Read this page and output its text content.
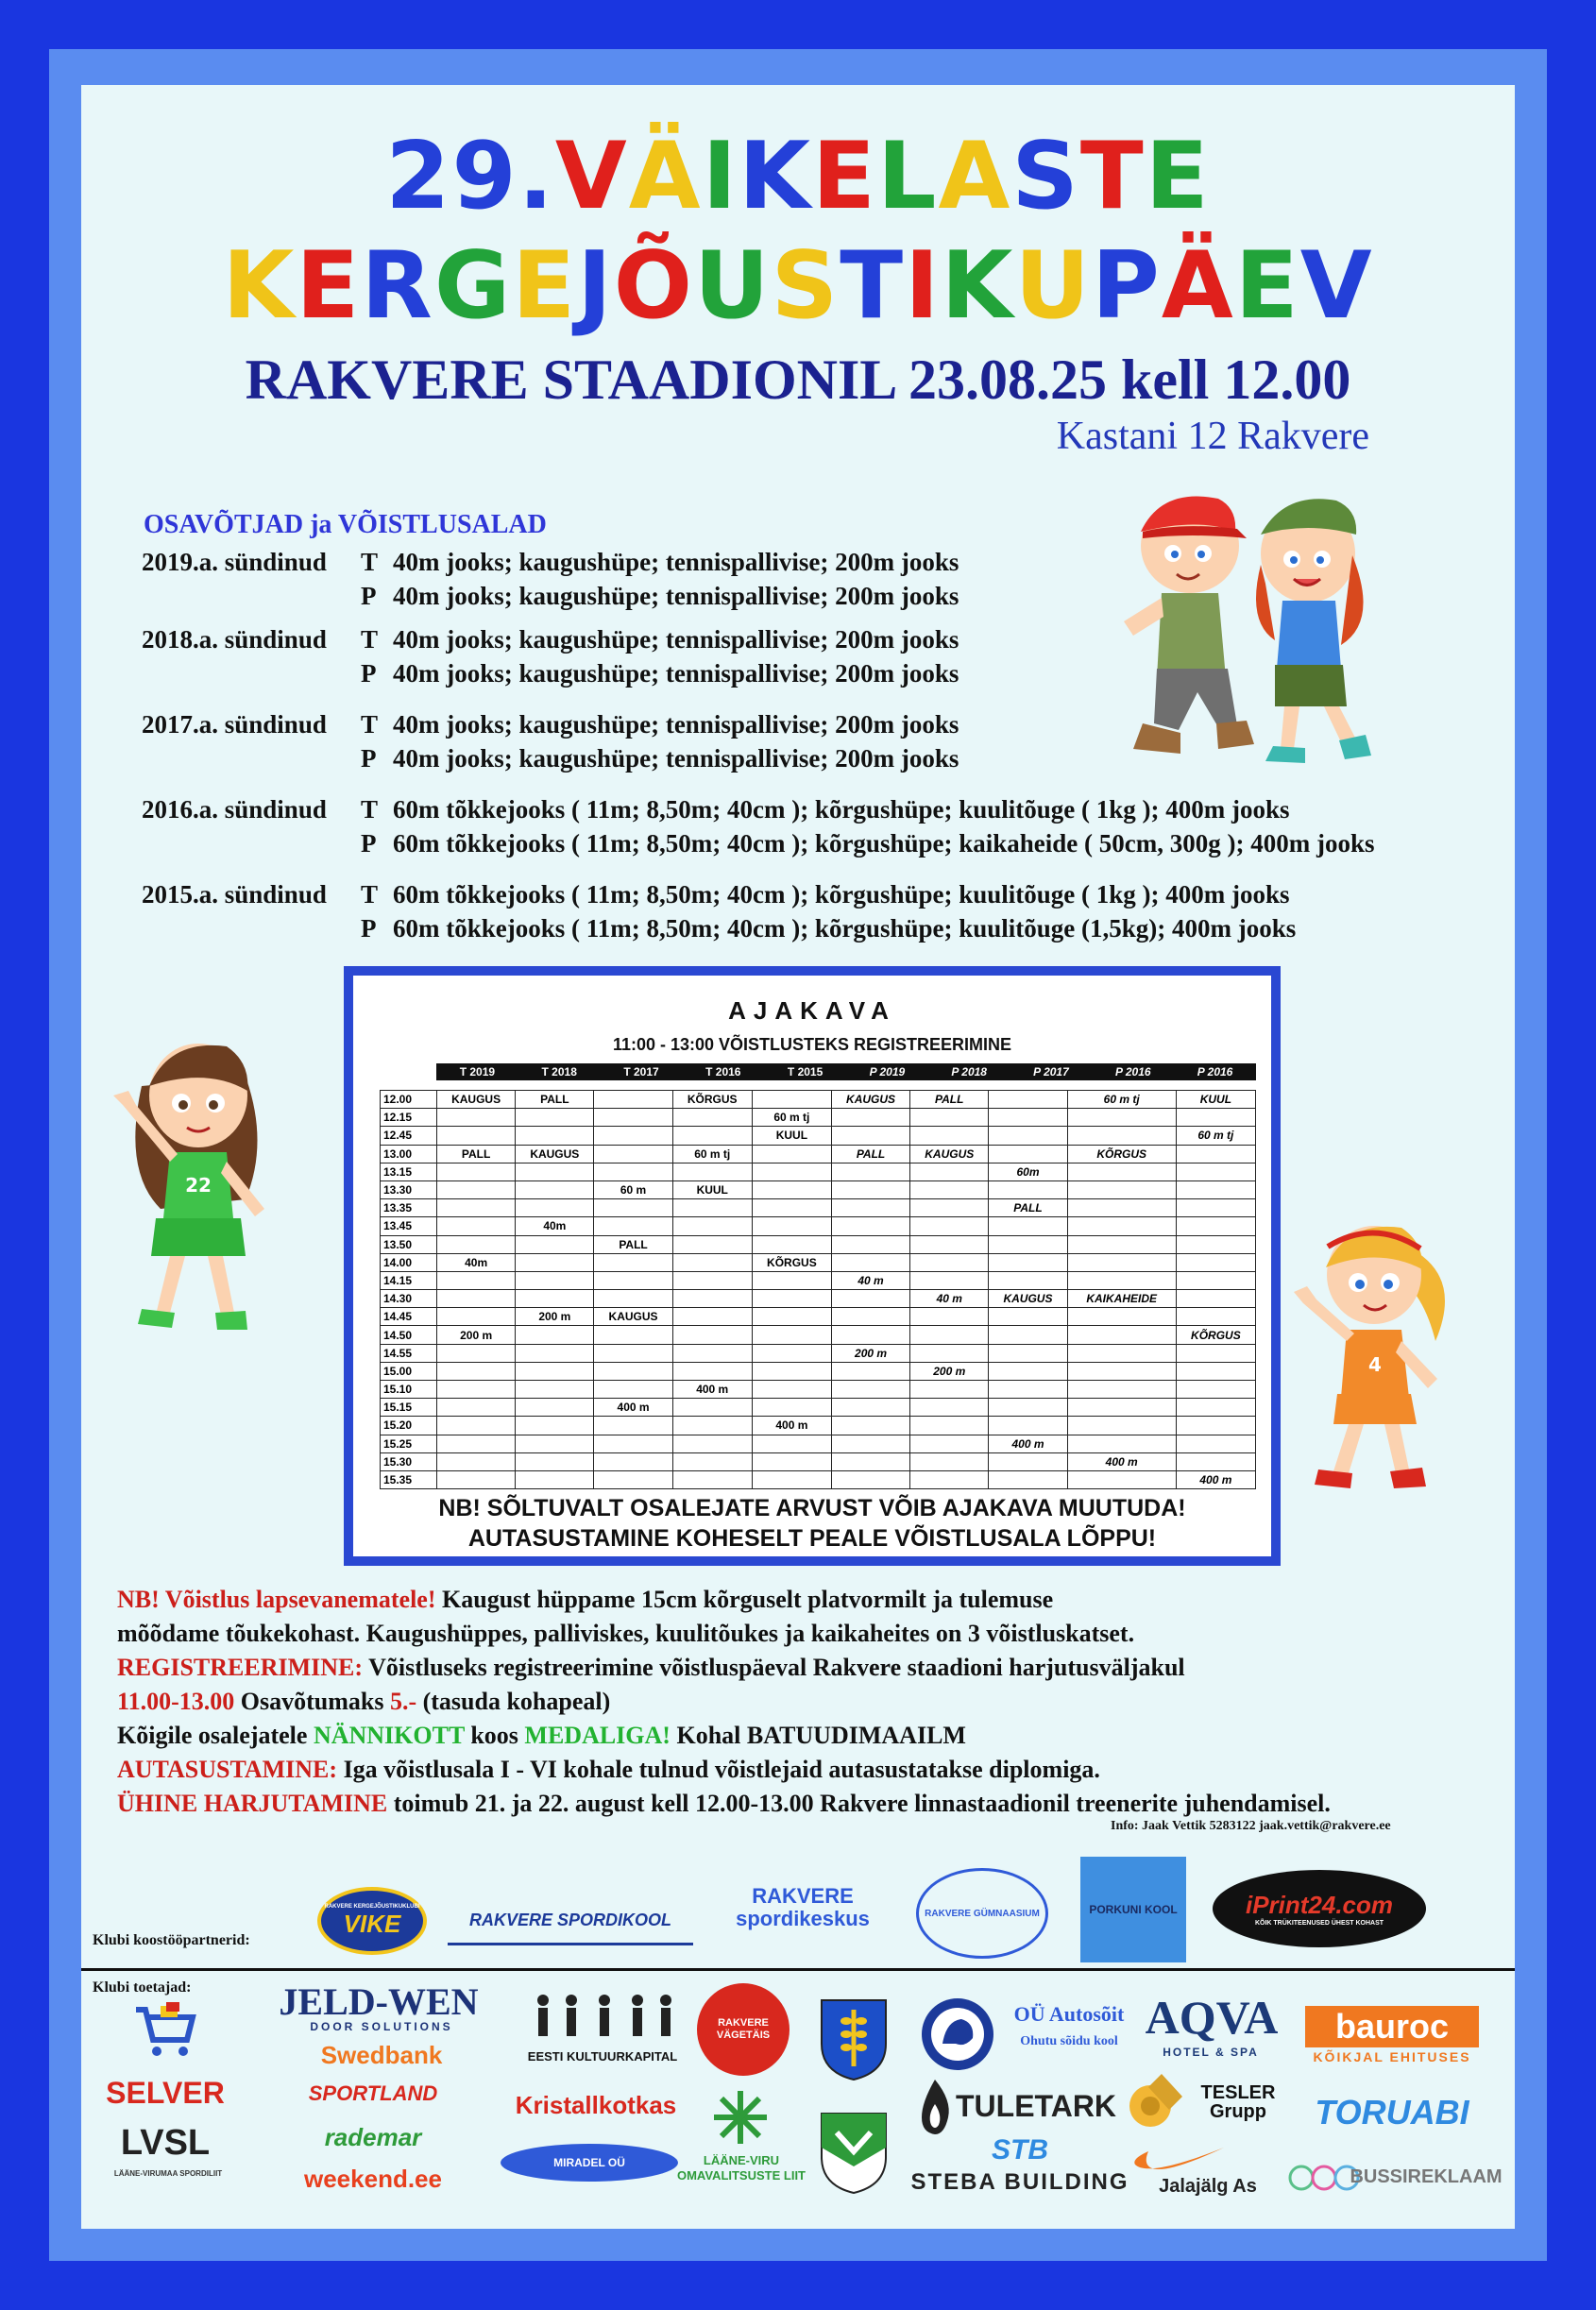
29.VÄIKELASTE
KERGEJÕUSTIKUPÄEV
RAKVERE STAADIONIL 23.08.25 kell 12.00
Kastani 12 Rakvere
OSAVÕTJAD ja VÕISTLUSALAD
2019.a. sündinud T 40m jooks; kaugushüpe; tennispallivise; 200m jooks
P 40m jooks; kaugushüpe; tennispallivise; 200m jooks
2018.a. sündinud T 40m jooks; kaugushüpe; tennispallivise; 200m jooks
P 40m jooks; kaugushüpe; tennispallivise; 200m jooks
2017.a. sündinud T 40m jooks; kaugushüpe; tennispallivise; 200m jooks
P 40m jooks; kaugushüpe; tennispallivise; 200m jooks
2016.a. sündinud T 60m tõkkejooks ( 11m; 8,50m; 40cm ); kõrgushüpe; kuulitõuge ( 1kg ); 400m jooks
P 60m tõkkejooks ( 11m; 8,50m; 40cm ); kõrgushüpe; kaikaheide ( 50cm, 300g ); 400m jooks
2015.a. sündinud T 60m tõkkejooks ( 11m; 8,50m; 40cm ); kõrgushüpe; kuulitõuge ( 1kg ); 400m jooks
P 60m tõkkejooks ( 11m; 8,50m; 40cm ); kõrgushüpe; kuulitõuge (1,5kg); 400m jooks
22
4
AJAKAVA
11:00 - 13:00 VÕISTLUSTEKS REGISTREERIMINE
T 2019	T 2018	T 2017	T 2016	T 2015	P 2019	P 2018	P 2017	P 2016	P 2016
12.00	KAUGUS	PALL		KÕRGUS		KAUGUS	PALL		60 m tj	KUUL
12.15					60 m tj					
12.45					KUUL					60 m tj
13.00	PALL	KAUGUS		60 m tj		PALL	KAUGUS		KÕRGUS	
13.15								60m		
13.30			60 m	KUUL						
13.35								PALL		
13.45		40m								
13.50			PALL							
14.00	40m				KÕRGUS					
14.15						40 m				
14.30							40 m	KAUGUS	KAIKAHEIDE	
14.45		200 m	KAUGUS							
14.50	200 m									KÕRGUS
14.55						200 m				
15.00							200 m			
15.10				400 m						
15.15			400 m							
15.20					400 m					
15.25								400 m		
15.30									400 m	
15.35										400 m
NB! SÕLTUVALT OSALEJATE ARVUST VÕIB AJAKAVA MUUTUDA!
AUTASUSTAMINE KOHESELT PEALE VÕISTLUSALA LÕPPU!
NB! Võistlus lapsevanematele! Kaugust hüppame 15cm kõrguselt platvormilt ja tulemuse
mõõdame tõukekohast. Kaugushüppes, palliviskes, kuulitõukes ja kaikaheites on 3 võistluskatset.
REGISTREERIMINE: Võistluseks registreerimine võistluspäeval Rakvere staadioni harjutusväljakul
11.00-13.00 Osavõtumaks 5.- (tasuda kohapeal)
Kõigile osalejatele NÄNNIKOTT koos MEDALIGA! Kohal BATUUDIMAAILM
AUTASUSTAMINE: Iga võistlusala I - VI kohale tulnud võistlejaid autasustatakse diplomiga.
ÜHINE HARJUTAMINE toimub 21. ja 22. august kell 12.00-13.00 Rakvere linnastaadionil treenerite juhendamisel.
Info: Jaak Vettik 5283122 jaak.vettik@rakvere.ee
Klubi koostööpartnerid:
RAKVERE KERGEJÕUSTIKUKLUBI
VIKE	RAKVERE SPORDIKOOL
RAKVERE spordikeskus	RAKVERE GÜMNAASIUM	PORKUNI KOOL	iPrint24.com
KÕIK TRÜKITEENUSED ÜHEST KOHAST
Klubi toetajad:
SELVER
LVSL
LÄÄNE-VIRUMAA SPORDILIIT
JELD-WEN
DOOR SOLUTIONS
Swedbank
SPORTLAND
rademar
weekend.ee
EESTI KULTUURKAPITAL
RAKVERE VÄGETÄIS
Kristallkotkas
MIRADEL OÜ	LÄÄNE-VIRU OMAVALITSUSTE LIIT
OÜ Autosõit
Ohutu sõidu kool
TULETARK
STB
STEBA BUILDING
AQVA
HOTEL & SPA
TESLER Grupp
Jalajälg As
bauroc
KÕIKJAL EHITUSES
TORUABI
BUSSIREKLAAM
